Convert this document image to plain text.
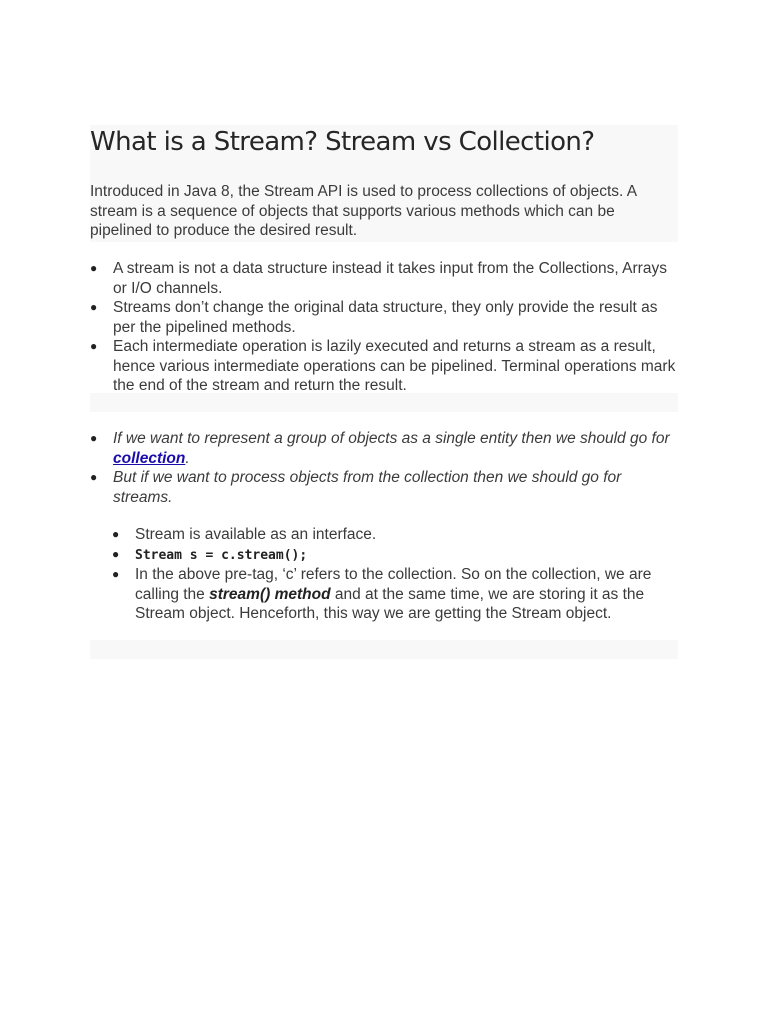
What is a Stream? Stream vs Collection?

Introduced in Java 8, the Stream API is used to process collections of objects. A stream is a sequence of objects that supports various methods which can be pipelined to produce the desired result.

● A stream is not a data structure instead it takes input from the Collections, Arrays or I/O channels.
● Streams don’t change the original data structure, they only provide the result as per the pipelined methods.
● Each intermediate operation is lazily executed and returns a stream as a result, hence various intermediate operations can be pipelined. Terminal operations mark the end of the stream and return the result.
● If we want to represent a group of objects as a single entity then we should go for collection.
● But if we want to process objects from the collection then we should go for streams.
● Stream is available as an interface.
● Stream s = c.stream();
● In the above pre-tag, ‘c’ refers to the collection. So on the collection, we are calling the stream() method and at the same time, we are storing it as the Stream object. Henceforth, this way we are getting the Stream object.
